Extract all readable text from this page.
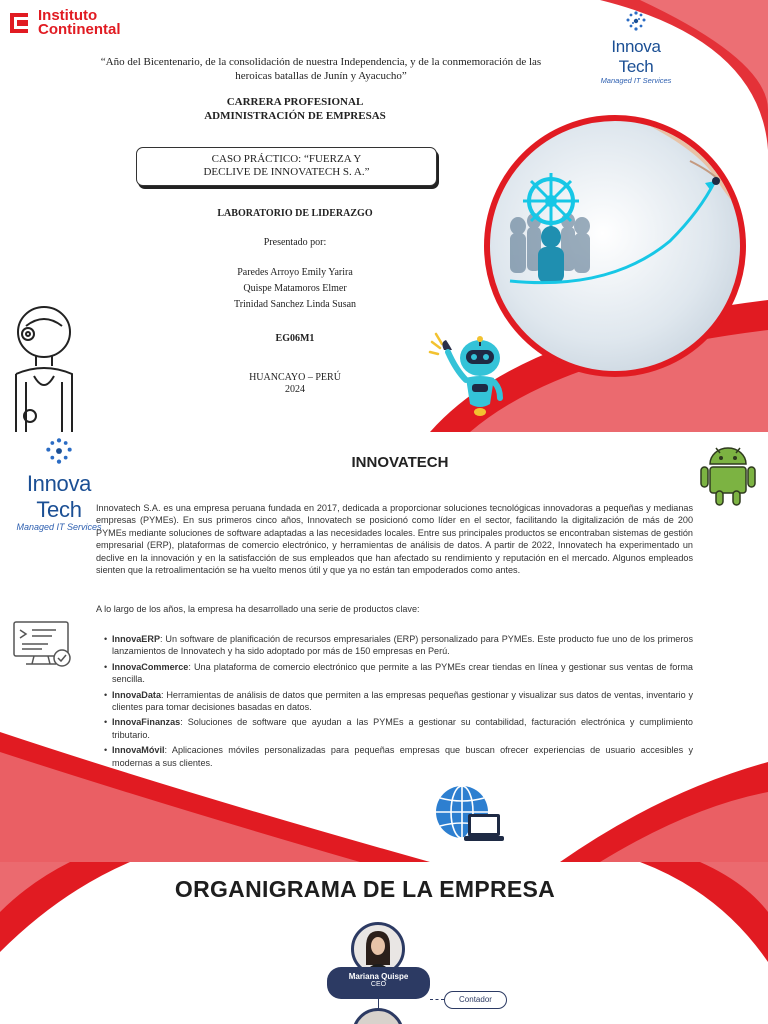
Instituto
Continental
Innova Tech
Managed IT Services
“Año del Bicentenario, de la consolidación de nuestra Independencia, y de la conmemoración de las heroicas batallas de Junín y Ayacucho”
CARRERA PROFESIONAL
ADMINISTRACIÓN DE EMPRESAS
CASO PRÁCTICO: “FUERZA Y
DECLIVE DE INNOVATECH S. A.”
LABORATORIO DE LIDERAZGO
Presentado por:
Paredes Arroyo Emily Yarira
Quispe Matamoros Elmer
Trinidad Sanchez Linda Susan
EG06M1
HUANCAYO – PERÚ
2024
Innova Tech
Managed IT Services
INNOVATECH

Innovatech S.A. es una empresa peruana fundada en 2017, dedicada a proporcionar soluciones tecnológicas innovadoras a pequeñas y medianas empresas (PYMEs). En sus primeros cinco años, Innovatech se posicionó como líder en el sector, facilitando la digitalización de más de 200 PYMEs mediante soluciones de software adaptadas a las necesidades locales. Entre sus principales productos se encontraban sistemas de gestión empresarial (ERP), plataformas de comercio electrónico, y herramientas de análisis de datos. A partir de 2022, Innovatech ha experimentado un declive en la innovación y en la satisfacción de sus empleados que han afectado su rendimiento y reputación en el mercado. Algunos empleados sienten que la retroalimentación se ha vuelto menos útil y que ya no están tan empoderados como antes.

A lo largo de los años, la empresa ha desarrollado una serie de productos clave:

• InnovaERP: Un software de planificación de recursos empresariales (ERP) personalizado para PYMEs. Este producto fue uno de los primeros lanzamientos de Innovatech y ha sido adoptado por más de 150 empresas en Perú.
• InnovaCommerce: Una plataforma de comercio electrónico que permite a las PYMEs crear tiendas en línea y gestionar sus ventas de forma sencilla.
• InnovaData: Herramientas de análisis de datos que permiten a las empresas pequeñas gestionar y visualizar sus datos de ventas, inventario y clientes para tomar decisiones basadas en datos.
• InnovaFinanzas: Soluciones de software que ayudan a las PYMEs a gestionar su contabilidad, facturación electrónica y cumplimiento tributario.
• InnovaMóvil: Aplicaciones móviles personalizadas para pequeñas empresas que buscan ofrecer experiencias de usuario accesibles y modernas a sus clientes.
ORGANIGRAMA DE LA EMPRESA
Mariana Quispe
CEO
Contador
